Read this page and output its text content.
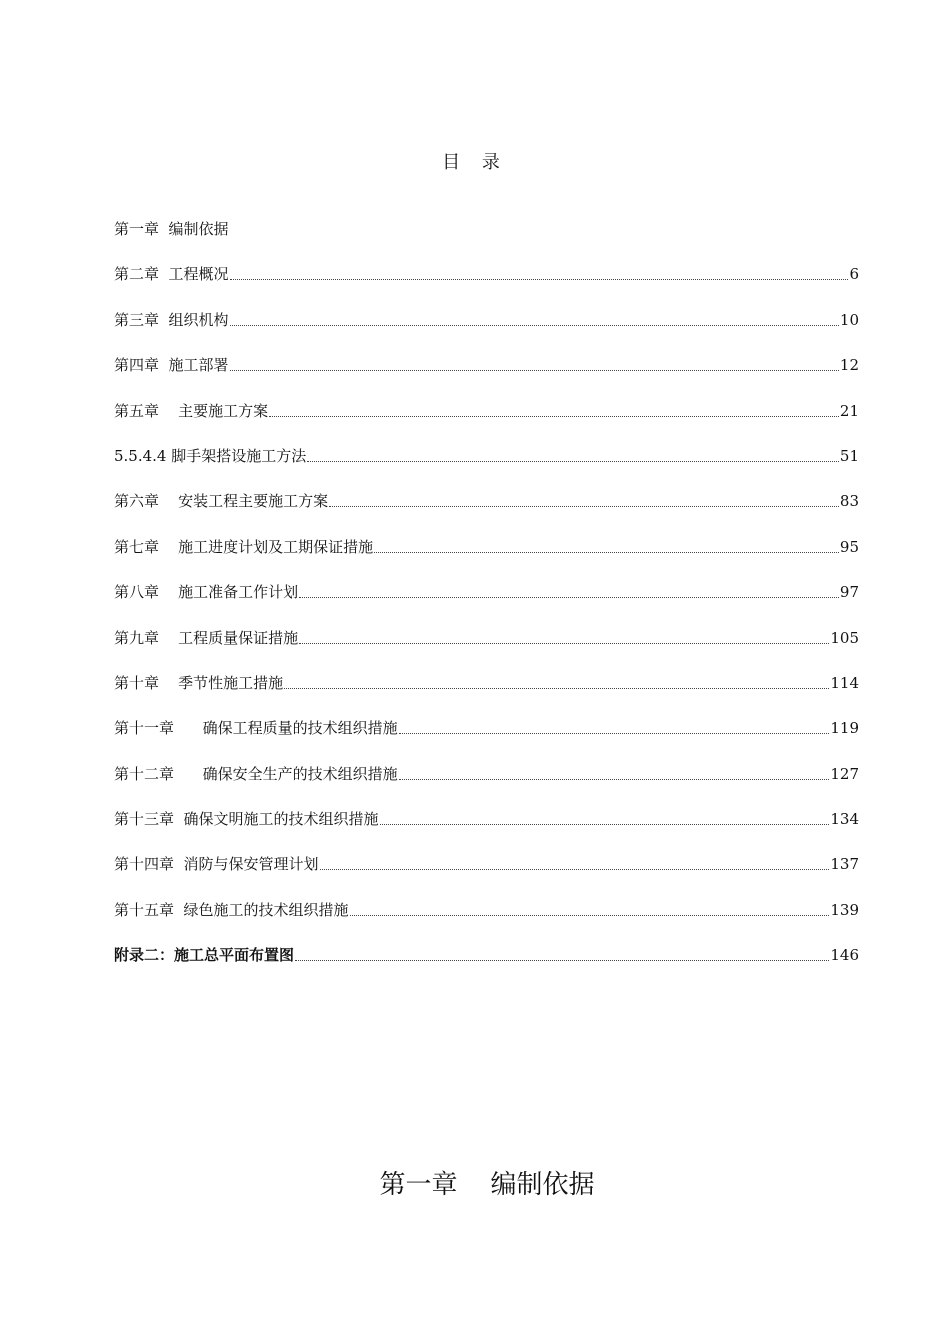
目 录
第一章  编制依据
第二章  工程概况	6
第三章  组织机构	10
第四章  施工部署	12
第五章    主要施工方案	21
5.5.4.4 脚手架搭设施工方法	51
第六章    安装工程主要施工方案	83
第七章    施工进度计划及工期保证措施	95
第八章    施工准备工作计划	97
第九章    工程质量保证措施	105
第十章    季节性施工措施	114
第十一章      确保工程质量的技术组织措施	119
第十二章      确保安全生产的技术组织措施	127
第十三章  确保文明施工的技术组织措施	134
第十四章  消防与保安管理计划	137
第十五章  绿色施工的技术组织措施	139
附录二：施工总平面布置图	146
第一章    编制依据
